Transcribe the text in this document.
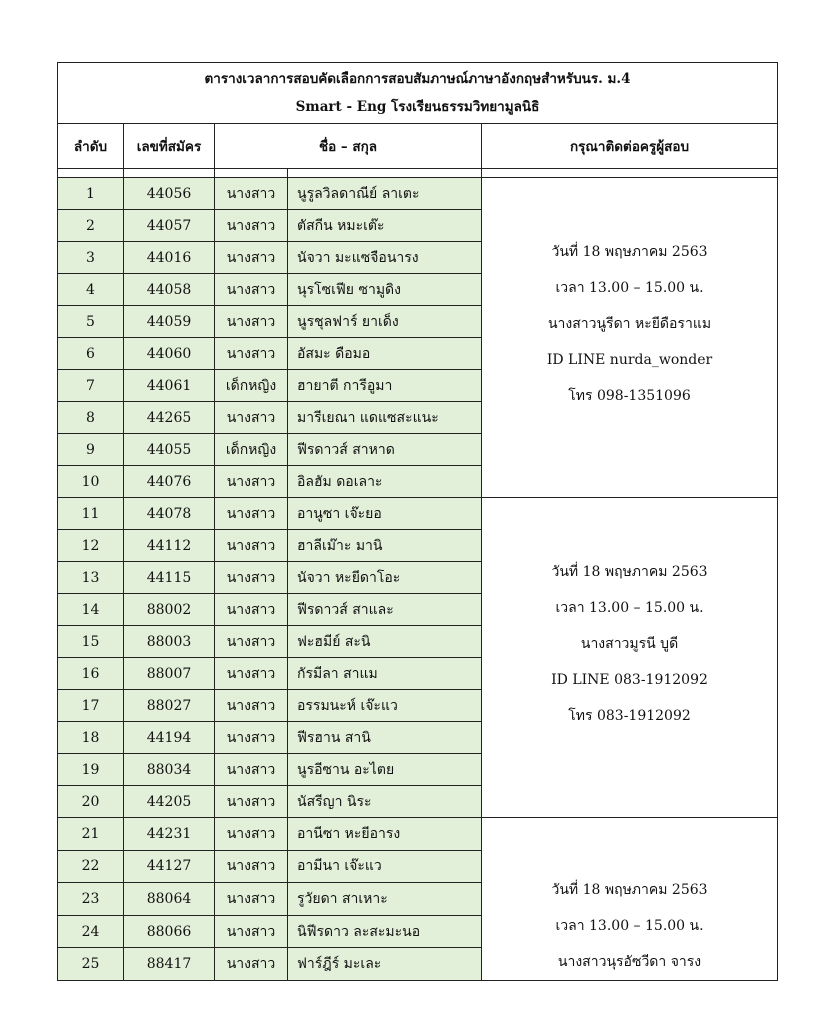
ตารางเวลาการสอบคัดเลือกการสอบสัมภาษณ์ภาษาอังกฤษสำหรับนร. ม.4
Smart - Eng โรงเรียนธรรมวิทยามูลนิธิ				

ลำดับ	เลขที่สมัคร	ชื่อ – สกุล		กรุณาติดต่อครูผู้สอบ

1	44056	นางสาว	นูรูลวิลดาณีย์ ลาเตะ	วันที่ 18 พฤษภาคม 2563
เวลา 13.00 – 15.00 น.
นางสาวนูรีดา หะยีดือราแม
ID LINE nurda_wonder
โทร 098-1351096

2	44057	นางสาว	ตัสกีน หมะเต๊ะ	
3	44016	นางสาว	นัจวา มะแซจือนารง	
4	44058	นางสาว	นุรโซเฟีย ซามูดิง	
5	44059	นางสาว	นูรชุลฟาร์ ยาเด็ง	
6	44060	นางสาว	อัสมะ ดือมอ	
7	44061	เด็กหญิง	ฮายาตี การีอูมา	
8	44265	นางสาว	มารีเยณา แดแซสะแนะ	
9	44055	เด็กหญิง	ฟีรดาวส์ สาหาด	
10	44076	นางสาว	อิลฮัม ดอเลาะ	
11	44078	นางสาว	อานูซา เจ๊ะยอ	วันที่ 18 พฤษภาคม 2563
เวลา 13.00 – 15.00 น.
นางสาวมูรนี บูดี
ID LINE 083-1912092
โทร 083-1912092

12	44112	นางสาว	ฮาลีเม๊าะ มานิ	
13	44115	นางสาว	นัจวา หะยีดาโอะ	
14	88002	นางสาว	ฟีรดาวส์ สาและ	
15	88003	นางสาว	ฟะฮมีย์ สะนิ	
16	88007	นางสาว	กัรมีลา สาแม	
17	88027	นางสาว	อรรมนะห์ เจ๊ะแว	
18	44194	นางสาว	ฟีรฮาน สานิ	
19	88034	นางสาว	นูรอีซาน อะไตย	
20	44205	นางสาว	นัสรีญา นิระ	
21	44231	นางสาว	อานีซา หะยีอารง	วันที่ 18 พฤษภาคม 2563
เวลา 13.00 – 15.00 น.
นางสาวนุรอัซวีดา จารง

22	44127	นางสาว	อามีนา เจ๊ะแว	
23	88064	นางสาว	รูวัยดา สาเหาะ	
24	88066	นางสาว	นิฟีรดาว ละสะมะนอ	
25	88417	นางสาว	ฟาร์ฎีร์ มะเละ	
